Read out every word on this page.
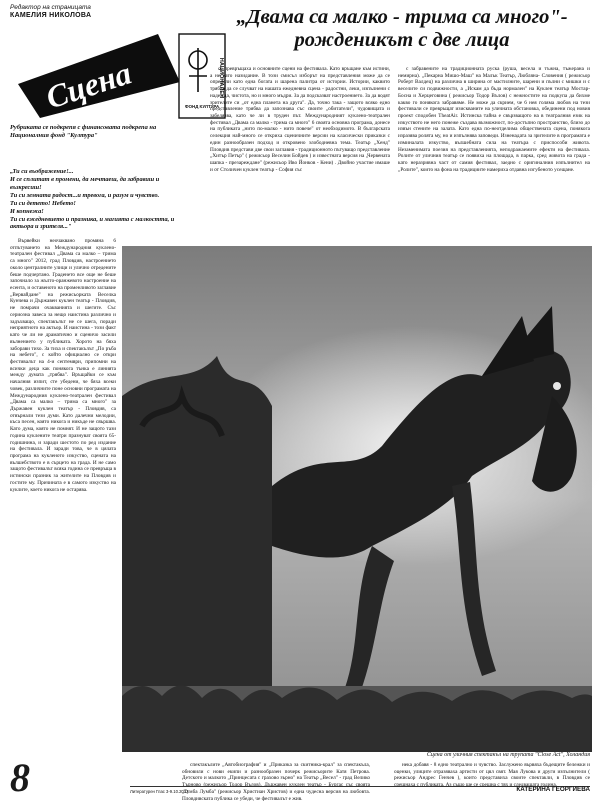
Редактор на страницата
КАМЕЛИЯ НИКОЛОВА
Сцена	НАЦИОНАЛЕН
ФОНД КУЛТУРА
Рубриката се подкрепя с финансовата подкрепа на Националния фонд "Култура"
„Двама са малко - трима са много"- рожденикът с две лица
„Ти си въображение!...
И се сплитат в промени, да мечтаеш, да забравиш и
възкресиш!
Ти си земната радост...и тревога, и разум и чувство.
Ти си детето! Небето!
И копнежа!
Ти си ежедневието и празника, и магията с малкостта, и
актьора и зрителя..."

Вървейки неочаквано промяна 6 отпътуването на Международния куклено-театрален фестивал „Двама са малко – трима са много" 2012, град Пловдив, настроението около централните улици и улично отредените беше подчертано. Граденето все още не беше започнало за жълто-оранжевото настроение на есента, и оставеното на променливото заглавие „Вервайдане" на режисьорката Веселка Кунчева и Държавен куклен театър - Пловдив, не помрачи очакванията и шегите. Със сериозна завеса за нещо наистина различно и задъхващо, спектакълът не се шега, поради неприятното на актьор. И наистина - този факт като че ли не драматично и сценичо засили вълнението у публиката. Хорото на бяха заборави тихо. За тиха и спектакълът „По ръба на небето", с който официално се откри фестивалът на 4-и септември, припомни на всички деца как понякога тънка е линията между думата „трябва". Връщайки се към началния изпит, сте убедени, че бяха всеки човек, различните поне основни програмата на Международния куклено-театрален фестивал „Двама са малко – трима са много" за Държавен куклен театър - Пловдив, са отвърнали тези думи. Като далечни мелодии, къса песен, която никога и никъде не свършва. Като дума, която не помнят. И не защото тази година куклените театри празнуват своята 65-годишнина, и заради шестото по ред издание на фестивала. И заради това, че в цялата програма на кукленото изкуство, сцената на вълшебството е в сърцето на града. И не само защото фестивалът всяка година се превръща в истински празник за жителите на Пловдив и гостите му. Причината е в самото изкуство на куклите, което никога не остарява.

се превръщаха и основните сцени на фестивала. Като връщане към истини, а не като назидание. В този смисъл изборът на представления може да се определи като една богата и шарена палитра от истории. Истории, каквито трябва да се случват на нашата ежедневна сцена - радостни, леки, изпълнени с надежда, чистота, но и много мъдри. За да подсказват настроението. За да водят зрителите си „от една планета на друга". Да, точно така - защото всяко едно представление трябва да запознава със своите „обитатели", чудовищата и забелязва, като че ли в труден път. Международният куклено-театрален фестивал „Двама са малко - трима са много" 6 своята основна програма, донесе на публиката „нито по-малко - нито повече" от необходимото. В българската селекция най-много се откриха сценичните версии на класически приказки с един разнообразен подход и откровено злободневна тема. Театър „Хенд" Пловдив представи две свои заглавия - традиционното пътуващо представление „Хитър Петър" ( режисьор Веселин Бойдев ) и известната версия на „Червената шапка - презареждане" (режисьор Иво Йонков - Кени) . Двойно участие имаше и от Столичен куклен театър - София със

с забравените на традиционната руска (руша, весела и тъжна, тъжерана и немирна). „Пекарна Мишо-Маш" на Малък Театър, Любляна- Словения ( режисьор Роберт Валдец) на различна в ширина от мастилните, шарени и пълни с мишки и с веселите си подвижности, а „Искам да бъда нормален" на Куклен театър Мостар- Босна и Херцеговина ( режисьор Тодор Вълов) с нежностите на подкупа да бихме какво го понякога забравяме. Не може да скрием, че 6 нея голяма любов на тези фестивали се превръщат изискваните на уличната обстановка, обединени под новия проект сподобен ТheatAir. Истинска тайна е свързващото на в театралния език на изкуството не него понеже създава възможност, по-достъпно пространство, близо до извън стените на залата. Като една по-неотделима обществената сцена, понякога изразява ролята му, но и изпълнява заповеди. Изненадата за зрителите в програмата е изминалата изкуство, вълшебната сила на театъра с приспособи живота. Незаменимата поезия на представленията, неподражаемите ефекти на фестивала. Ролите от уличния театър се появиха на площада, в парка, сред живота на града - като неразривна част от самия фестивал, заедно с оригиналния изпълнител на „Ролите", които на фона на традициите намериха отдавна изгубеното усещане.

Сцена от уличния спектакъл на трупата "Close Act", Холандия

спектакълите „Автобиография" и „Приказка за скитника-крал" за спектакъла, обновили с нови екипи и разнообразен почерк режисьорите Катя Петрова. Детското и малкото „Принцесата с грахово зърно" на Театър „Весел" - град Велико Търново (режисьор Тодор Вълов). Държавен куклен театър - Бургас със своята „Тумба Лумба" (режисьор Христиан Христов) и една чудесна версия на любовта. Пловдивската публика се убеди, че фестивалът е жив.

нека добавя - 8 едно театрално и чувство. Заслужено вървяха бъдещите бележки и оценки, улиците отразяваха артисти от цял свят. Мая Лукова и други изпълнители ( режисьор Андрес Генчев ), които представиха своите спектакли, в Пловдив се срещнаха с публиката. Аз също ще се срещна с тях и следващата година.

8	Литературен Глас 3-9.10.2012	КАТЕРИНА ГЕОРГИЕВА
